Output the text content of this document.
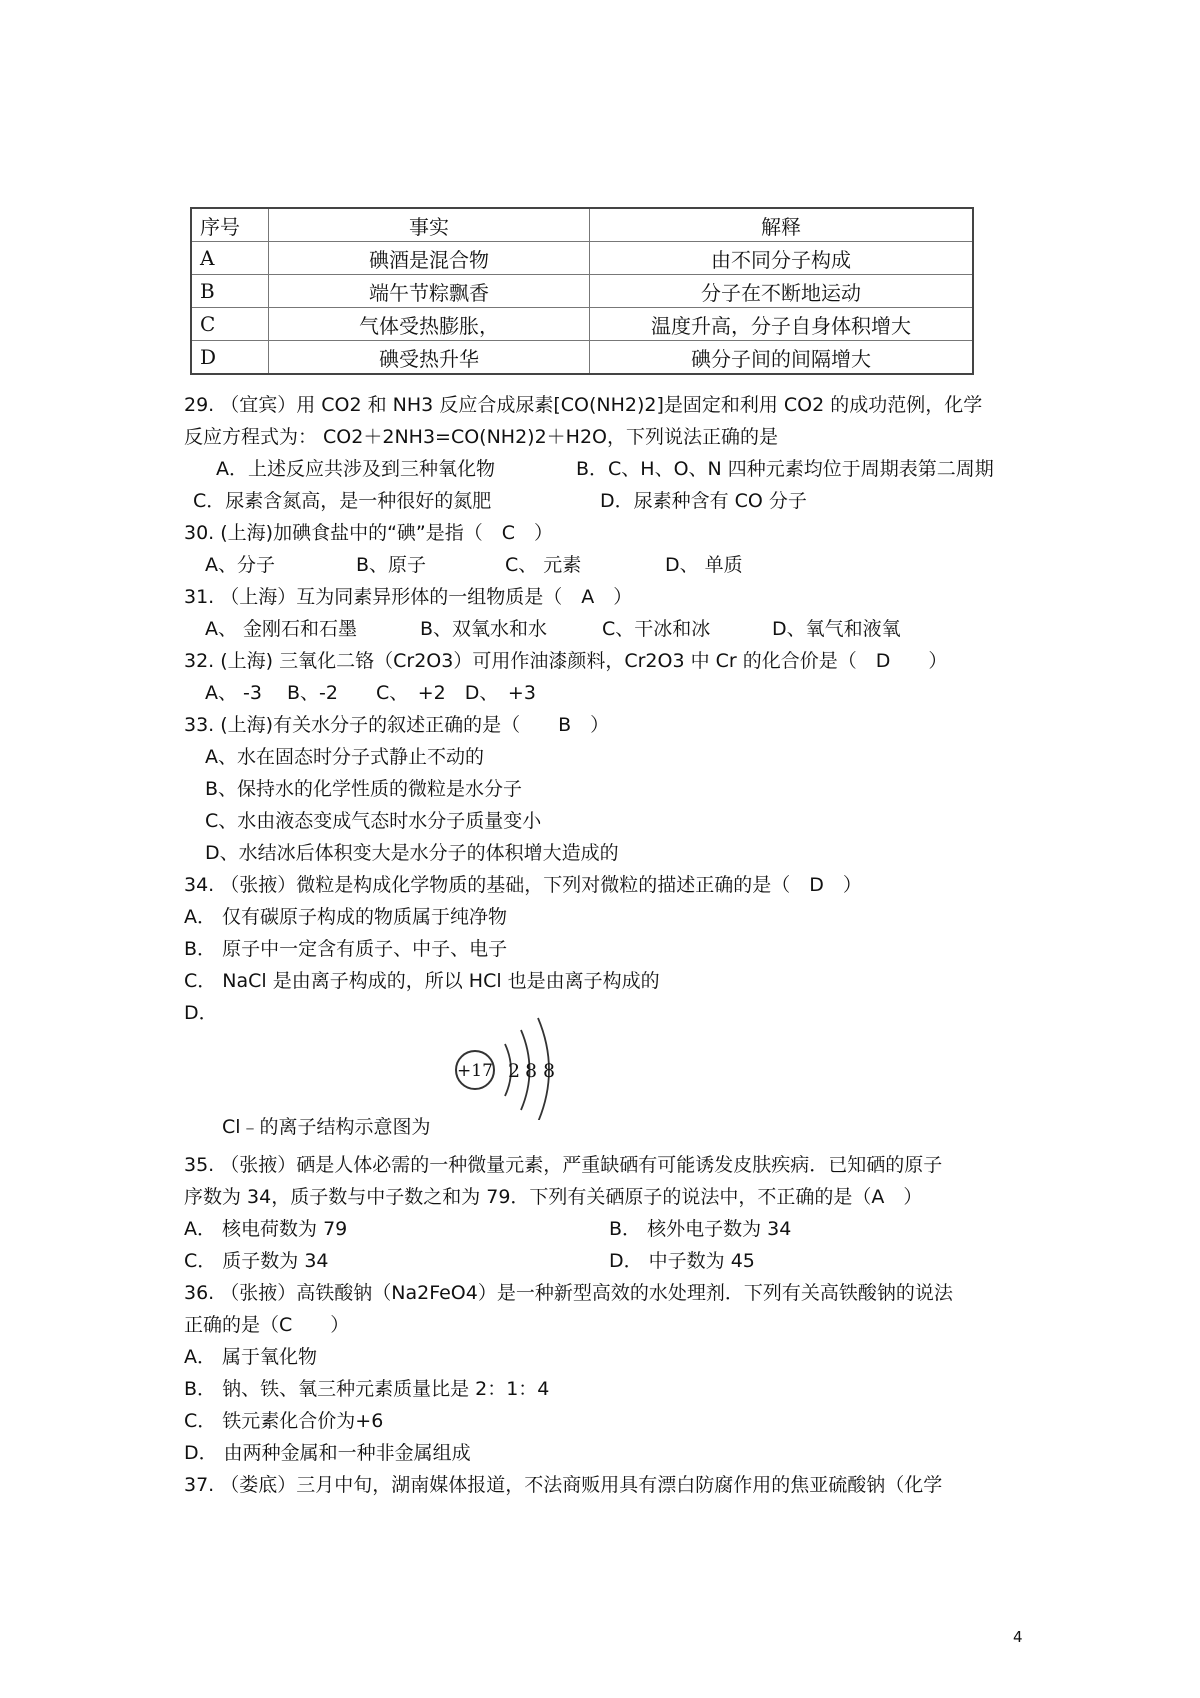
序号	事实	解释
A	碘酒是混合物	由不同分子构成
B	端午节粽飘香	分子在不断地运动
C	气体受热膨胀，	温度升高，分子自身体积增大
D	碘受热升华	碘分子间的间隔增大
29. （宜宾）用 CO2 和 NH3 反应合成尿素[CO(NH2)2]是固定和利用 CO2 的成功范例，化学
反应方程式为： CO2＋2NH3=CO(NH2)2＋H2O，下列说法正确的是
A．上述反应共涉及到三种氧化物	B．C、H、O、N 四种元素均位于周期表第二周期
C．尿素含氮高，是一种很好的氮肥	D．尿素种含有 CO 分子
30. (上海)加碘食盐中的“碘”是指（　C　）
A、分子	B、原子	C、 元素	D、 单质
31. （上海）互为同素异形体的一组物质是（　A　）
A、 金刚石和石墨	B、双氧水和水	C、干冰和冰	D、氧气和液氧
32. (上海) 三氧化二铬（Cr2O3）可用作油漆颜料，Cr2O3 中 Cr 的化合价是（　D　　）
A、 -3　 B、-2　　C、　+2　D、　+3
33. (上海)有关水分子的叙述正确的是（　　B　）
A、水在固态时分子式静止不动的
B、保持水的化学性质的微粒是水分子
C、水由液态变成气态时水分子质量变小
D、水结冰后体积变大是水分子的体积增大造成的
34. （张掖）微粒是构成化学物质的基础，下列对微粒的描述正确的是（　D　）
A． 仅有碳原子构成的物质属于纯净物
B． 原子中一定含有质子、中子、电子
C． NaCl 是由离子构成的，所以 HCl 也是由离子构成的
D．
+17 2 8 8
Cl﹣的离子结构示意图为
35. （张掖）硒是人体必需的一种微量元素，严重缺硒有可能诱发皮肤疾病．已知硒的原子
序数为 34，质子数与中子数之和为 79．下列有关硒原子的说法中，不正确的是（A　）
A． 核电荷数为 79	B． 核外电子数为 34
C． 质子数为 34	D． 中子数为 45
36. （张掖）高铁酸钠（Na2FeO4）是一种新型高效的水处理剂．下列有关高铁酸钠的说法
正确的是（C　　）
A． 属于氧化物
B． 钠、铁、氧三种元素质量比是 2：1：4
C． 铁元素化合价为+6
D． 由两种金属和一种非金属组成
37. （娄底）三月中旬，湖南媒体报道，不法商贩用具有漂白防腐作用的焦亚硫酸钠（化学
4
